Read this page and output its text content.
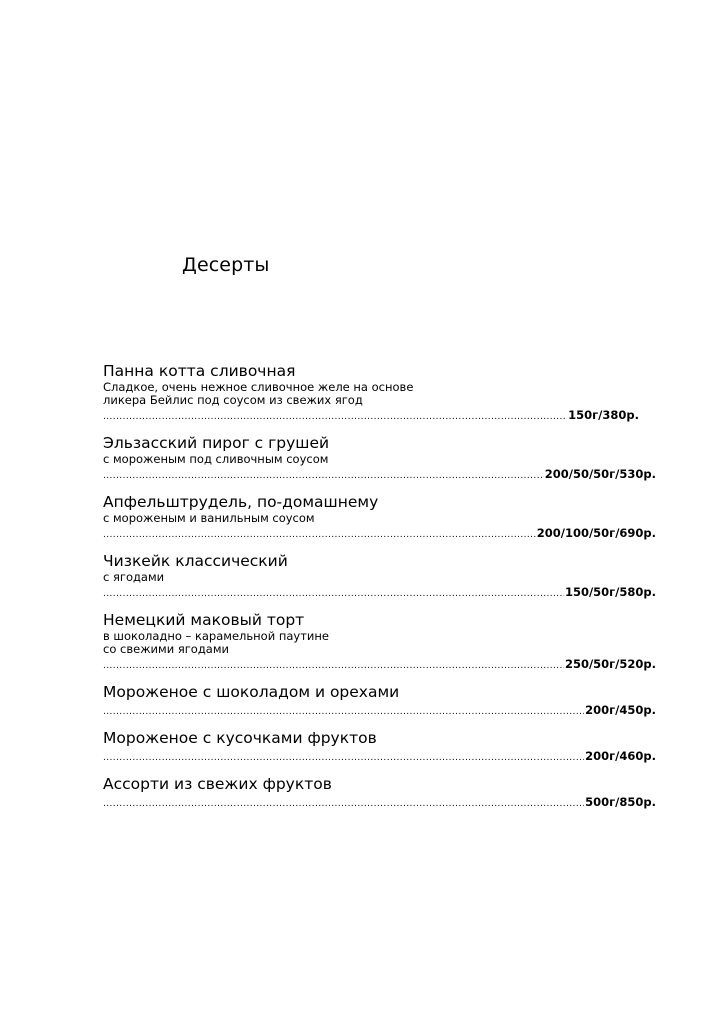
Десерты
Панна котта сливочная
Сладкое, очень нежное сливочное желе на основе
ликера Бейлис под соусом из свежих ягод
.....
150г/380р.
Эльзасский пирог с грушей
с мороженым под сливочным соусом
.....
200/50/50г/530р.
Апфельштрудель, по-домашнему
с мороженым и ванильным соусом
.....
200/100/50г/690р.
Чизкейк классический
с ягодами
.....
150/50г/580р.
Немецкий маковый торт
в шоколадно – карамельной паутине
со свежими ягодами
.....
250/50г/520р.
Мороженое с шоколадом и орехами
.....
200г/450р.
Мороженое с кусочками фруктов
.....
200г/460р.
Ассорти из свежих фруктов
.....
500г/850р.
